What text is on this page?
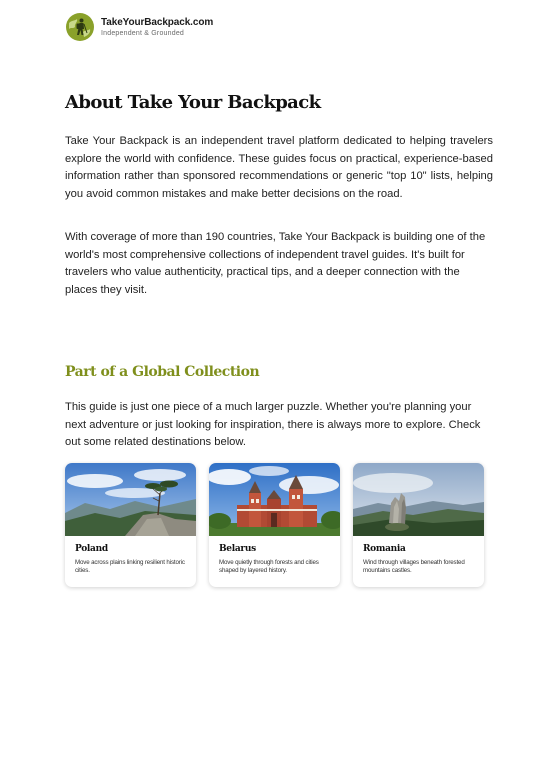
TakeYourBackpack.com
Independent & Grounded
About Take Your Backpack

Take Your Backpack is an independent travel platform dedicated to helping travelers explore the world with confidence. These guides focus on practical, experience-based information rather than sponsored recommendations or generic "top 10" lists, helping you avoid common mistakes and make better decisions on the road.

With coverage of more than 190 countries, Take Your Backpack is building one of the world's most comprehensive collections of independent travel guides. It's built for travelers who value authenticity, practical tips, and a deeper connection with the places they visit.

Part of a Global Collection

This guide is just one piece of a much larger puzzle. Whether you're planning your next adventure or just looking for inspiration, there is always more to explore. Check out some related destinations below.

Poland
Move across plains linking resilient historic cities.
Belarus
Move quietly through forests and cities shaped by layered history.
Romania
Wind through villages beneath forested mountains castles.
